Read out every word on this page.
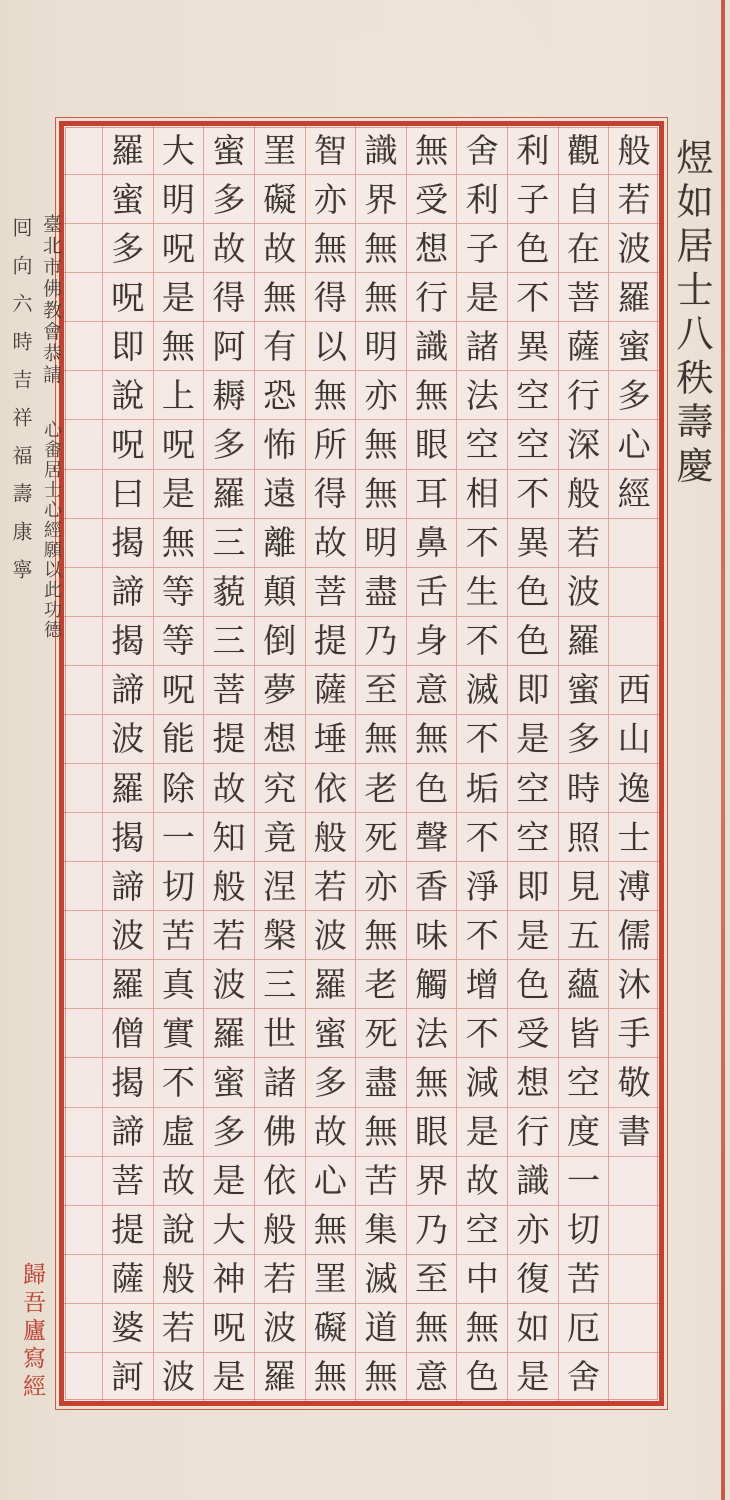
煜如居士八秩壽慶
般
若
波
羅
蜜
多
心
經
西
山
逸
士
溥
儒
沐
手
敬
書
觀
自
在
菩
薩
行
深
般
若
波
羅
蜜
多
時
照
見
五
蘊
皆
空
度
一
切
苦
厄
舍
利
子
色
不
異
空
空
不
異
色
色
即
是
空
空
即
是
色
受
想
行
識
亦
復
如
是
舍
利
子
是
諸
法
空
相
不
生
不
滅
不
垢
不
淨
不
增
不
減
是
故
空
中
無
色
無
受
想
行
識
無
眼
耳
鼻
舌
身
意
無
色
聲
香
味
觸
法
無
眼
界
乃
至
無
意
識
界
無
無
明
亦
無
無
明
盡
乃
至
無
老
死
亦
無
老
死
盡
無
苦
集
滅
道
無
智
亦
無
得
以
無
所
得
故
菩
提
薩
埵
依
般
若
波
羅
蜜
多
故
心
無
罣
礙
無
罣
礙
故
無
有
恐
怖
遠
離
顛
倒
夢
想
究
竟
涅
槃
三
世
諸
佛
依
般
若
波
羅
蜜
多
故
得
阿
耨
多
羅
三
藐
三
菩
提
故
知
般
若
波
羅
蜜
多
是
大
神
呪
是
大
明
呪
是
無
上
呪
是
無
等
等
呪
能
除
一
切
苦
真
實
不
虛
故
說
般
若
波
羅
蜜
多
呪
即
說
呪
曰
揭
諦
揭
諦
波
羅
揭
諦
波
羅
僧
揭
諦
菩
提
薩
婆
訶
臺北市佛教會恭請心畬居士心經願以此功德
囘向六時吉祥福壽康寧
歸吾廬寫經
